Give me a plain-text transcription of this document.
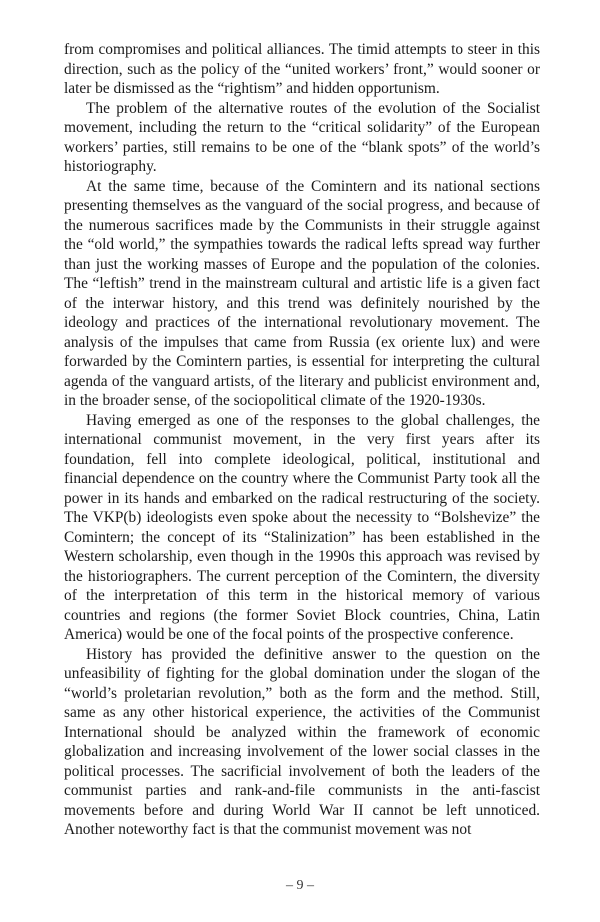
from compromises and political alliances. The timid attempts to steer in this direction, such as the policy of the “united workers’ front,” would sooner or later be dismissed as the “rightism” and hidden opportunism.

The problem of the alternative routes of the evolution of the Socialist movement, including the return to the “critical solidarity” of the European workers’ parties, still remains to be one of the “blank spots” of the world’s historiography.

At the same time, because of the Comintern and its national sections presenting themselves as the vanguard of the social progress, and because of the numerous sacrifices made by the Communists in their struggle against the “old world,” the sympathies towards the radical lefts spread way further than just the working masses of Europe and the population of the colonies. The “leftish” trend in the mainstream cultural and artistic life is a given fact of the interwar history, and this trend was definitely nourished by the ideology and practices of the international revolutionary movement. The analysis of the impulses that came from Russia (ex oriente lux) and were forwarded by the Comintern parties, is essential for interpreting the cultural agenda of the vanguard artists, of the literary and publicist environment and, in the broader sense, of the sociopolitical climate of the 1920-1930s.

Having emerged as one of the responses to the global challenges, the international communist movement, in the very first years after its foundation, fell into complete ideological, political, institutional and financial dependence on the country where the Communist Party took all the power in its hands and embarked on the radical restructuring of the society. The VKP(b) ideologists even spoke about the necessity to “Bolshevize” the Comintern; the concept of its “Stalinization” has been established in the Western scholarship, even though in the 1990s this approach was revised by the historiographers. The current perception of the Comintern, the diversity of the interpretation of this term in the historical memory of various countries and regions (the former Soviet Block countries, China, Latin America) would be one of the focal points of the prospective conference.

History has provided the definitive answer to the question on the unfeasibility of fighting for the global domination under the slogan of the “world’s proletarian revolution,” both as the form and the method. Still, same as any other historical experience, the activities of the Communist International should be analyzed within the framework of economic globalization and increasing involvement of the lower social classes in the political processes. The sacrificial involvement of both the leaders of the communist parties and rank-and-file communists in the anti-fascist movements before and during World War II cannot be left unnoticed. Another noteworthy fact is that the communist movement was not

– 9 –
